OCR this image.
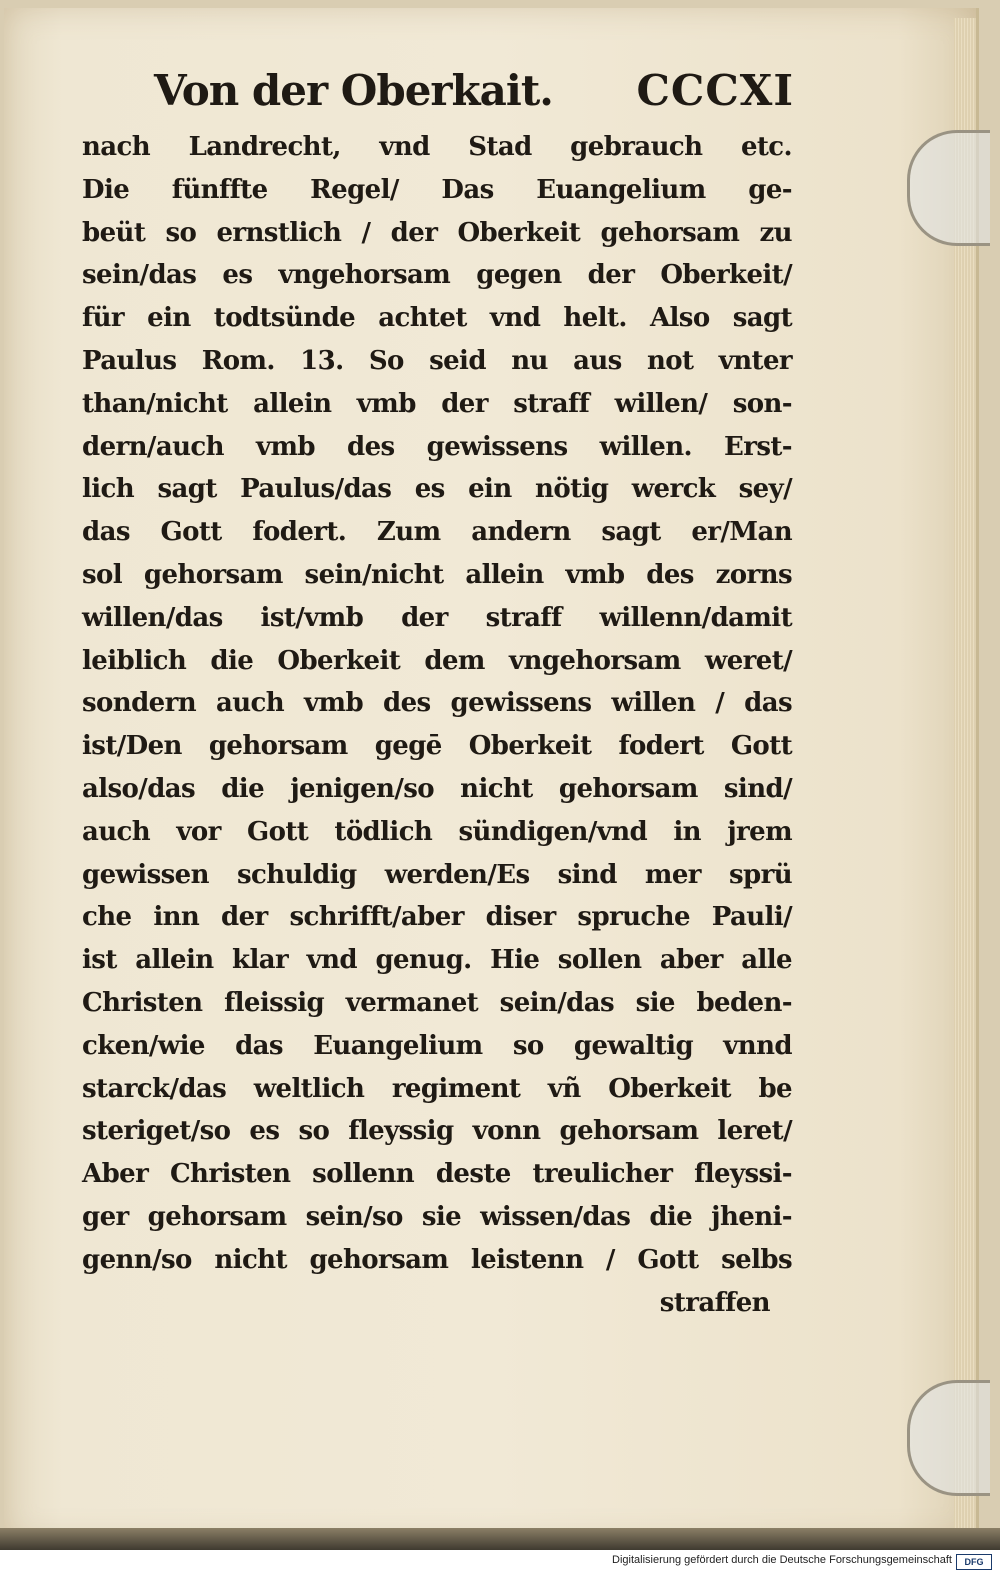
Von der Oberkait. CCCXI
nach Landrecht, vnd Stad gebrauch etc.
Die fünffte Regel/ Das Euangelium ge-
beüt so ernstlich / der Oberkeit gehorsam zu
sein/das es vngehorsam gegen der Oberkeit/
für ein todtsünde achtet vnd helt. Also sagt
Paulus Rom. 13. So seid nu aus not vnter
than/nicht allein vmb der straff willen/ son-
dern/auch vmb des gewissens willen. Erst-
lich sagt Paulus/das es ein nötig werck sey/
das Gott fodert. Zum andern sagt er/Man
sol gehorsam sein/nicht allein vmb des zorns
willen/das ist/vmb der straff willenn/damit
leiblich die Oberkeit dem vngehorsam weret/
sondern auch vmb des gewissens willen / das
ist/Den gehorsam gegē Oberkeit fodert Gott
also/das die jenigen/so nicht gehorsam sind/
auch vor Gott tödlich sündigen/vnd in jrem
gewissen schuldig werden/Es sind mer sprü
che inn der schrifft/aber diser spruche Pauli/
ist allein klar vnd genug. Hie sollen aber alle
Christen fleissig vermanet sein/das sie beden-
cken/wie das Euangelium so gewaltig vnnd
starck/das weltlich regiment vñ Oberkeit be
steriget/so es so fleyssig vonn gehorsam leret/
Aber Christen sollenn deste treulicher fleyssi-
ger gehorsam sein/so sie wissen/das die jheni-
genn/so nicht gehorsam leistenn / Gott selbs
straffen
Digitalisierung gefördert durch die Deutsche Forschungsgemeinschaft	DFG
